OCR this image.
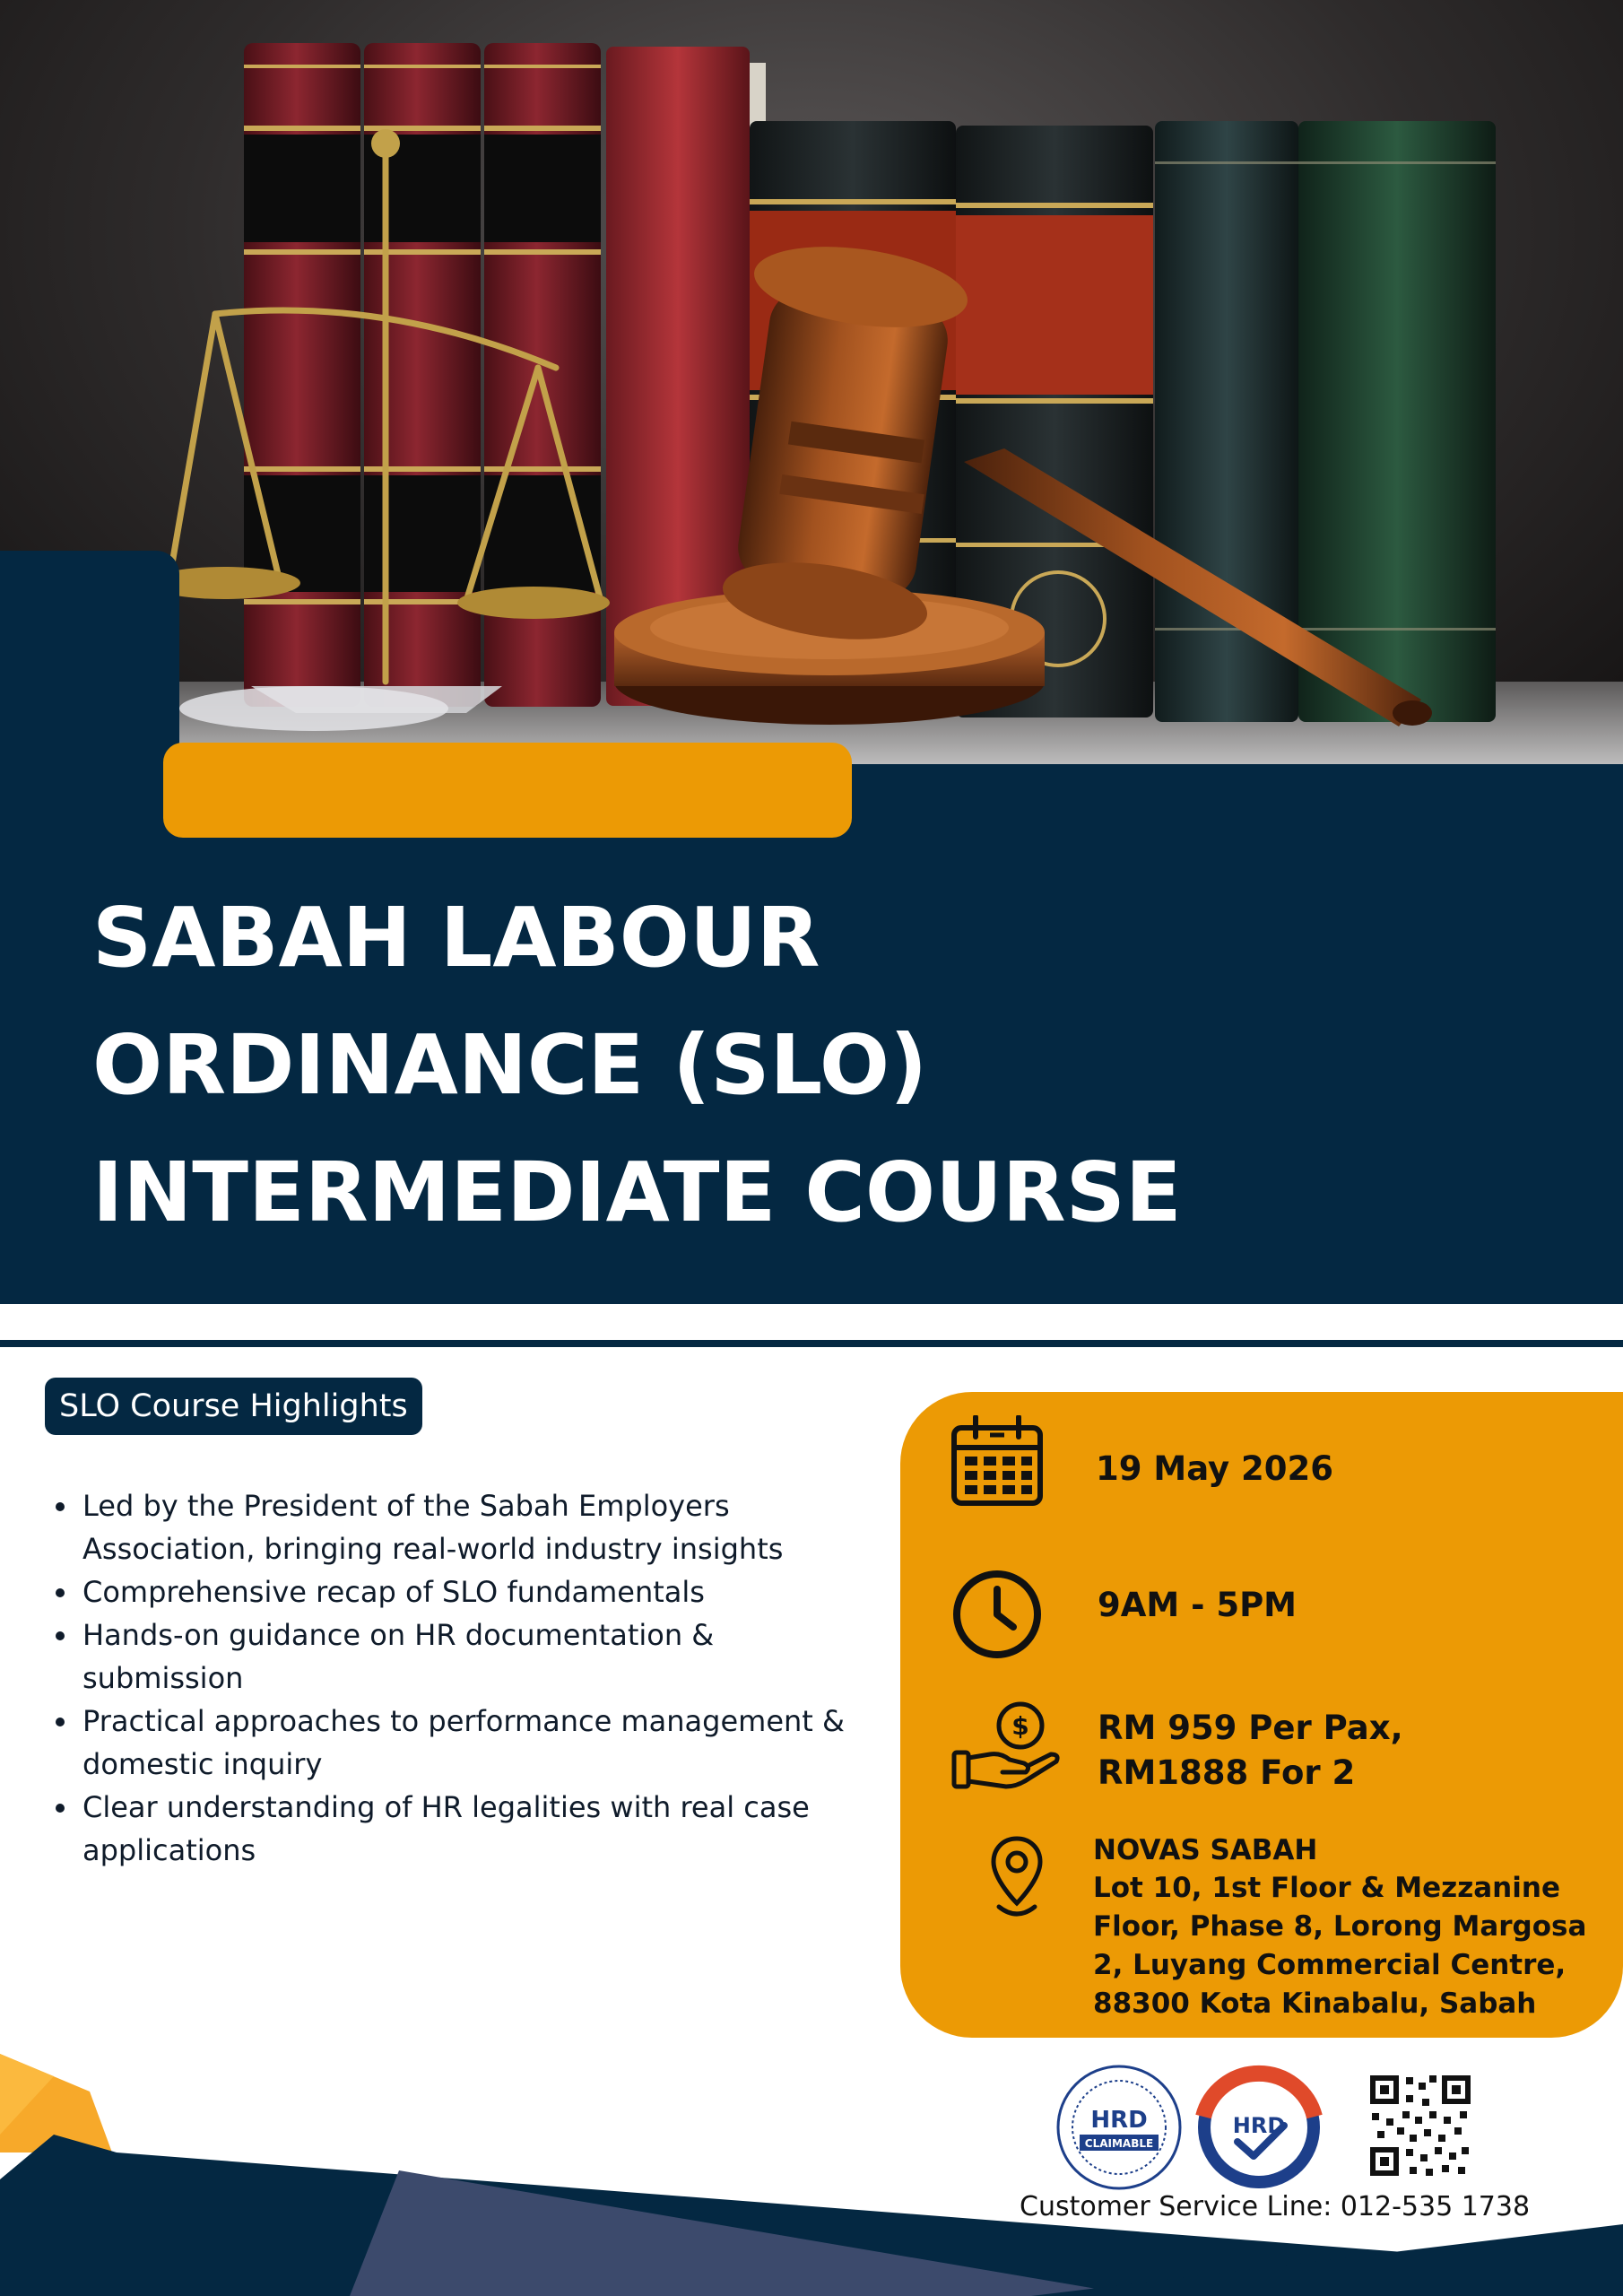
SABAH LABOUR
ORDINANCE (SLO)
INTERMEDIATE COURSE
SLO Course Highlights
Led by the President of the Sabah Employers Association, bringing real-world industry insights
Comprehensive recap of SLO fundamentals
Hands-on guidance on HR documentation & submission
Practical approaches to performance management & domestic inquiry
Clear understanding of HR legalities with real case applications
19 May 2026
9AM - 5PM
$ RM 959 Per Pax, RM1888 For 2
NOVAS SABAH
Lot 10, 1st Floor & Mezzanine Floor, Phase 8, Lorong Margosa 2, Luyang Commercial Centre, 88300 Kota Kinabalu, Sabah
HRD
CLAIMABLE
HRD
Customer Service Line: 012-535 1738
